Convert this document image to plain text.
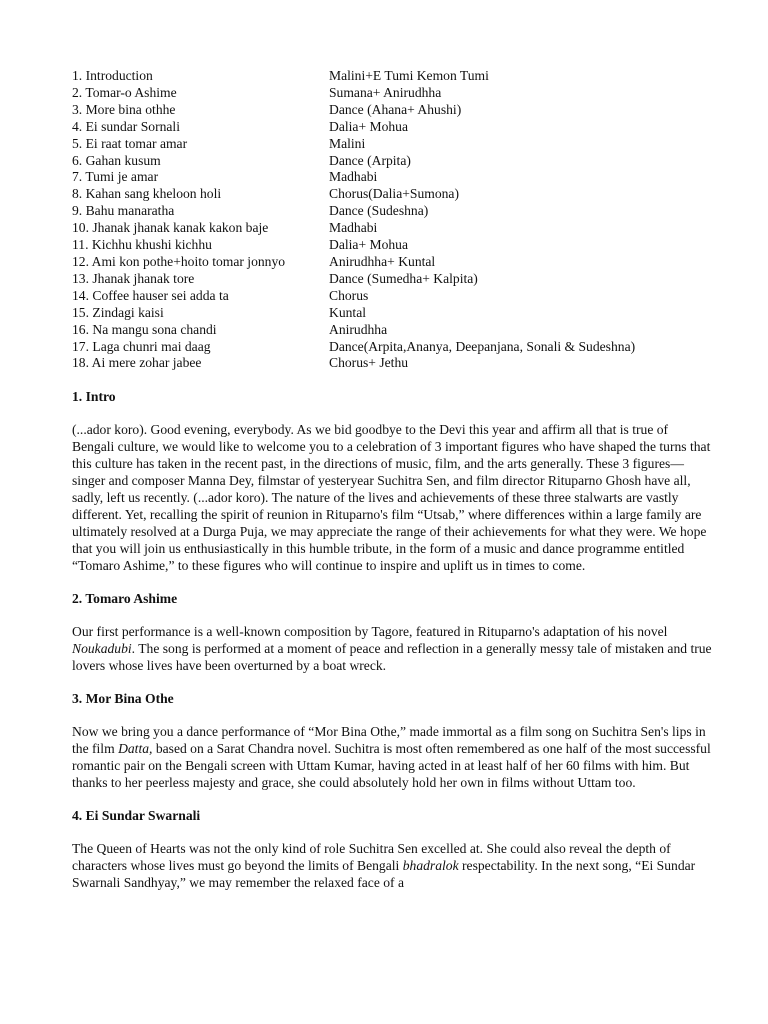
1. Introduction	Malini+E Tumi Kemon Tumi
2. Tomar-o Ashime	Sumana+ Anirudhha
3. More bina othhe	Dance (Ahana+ Ahushi)
4. Ei sundar Sornali	Dalia+ Mohua
5. Ei raat tomar amar	Malini
6. Gahan kusum	Dance (Arpita)
7. Tumi je amar	Madhabi
8. Kahan sang kheloon holi	Chorus(Dalia+Sumona)
9. Bahu manaratha	Dance (Sudeshna)
10. Jhanak jhanak kanak kakon baje	Madhabi
11. Kichhu khushi kichhu	Dalia+ Mohua
12. Ami kon pothe+hoito tomar jonnyo	Anirudhha+ Kuntal
13. Jhanak jhanak tore	Dance (Sumedha+ Kalpita)
14. Coffee hauser sei adda ta	Chorus
15. Zindagi kaisi	Kuntal
16. Na mangu sona chandi	Anirudhha
17. Laga chunri mai daag	Dance(Arpita,Ananya, Deepanjana, Sonali & Sudeshna)
18. Ai mere zohar jabee	Chorus+ Jethu
1. Intro

(...ador koro). Good evening, everybody. As we bid goodbye to the Devi this year and affirm all that is true of Bengali culture, we would like to welcome you to a celebration of 3 important figures who have shaped the turns that this culture has taken in the recent past, in the directions of music, film, and the arts generally. These 3 figures—singer and composer Manna Dey, filmstar of yesteryear Suchitra Sen, and film director Rituparno Ghosh have all, sadly, left us recently. (...ador koro). The nature of the lives and achievements of these three stalwarts are vastly different. Yet, recalling the spirit of reunion in Rituparno's film “Utsab,” where differences within a large family are ultimately resolved at a Durga Puja, we may appreciate the range of their achievements for what they were. We hope that you will join us enthusiastically in this humble tribute, in the form of a music and dance programme entitled “Tomaro Ashime,” to these figures who will continue to inspire and uplift us in times to come.

2. Tomaro Ashime

Our first performance is a well-known composition by Tagore, featured in Rituparno's adaptation of his novel Noukadubi. The song is performed at a moment of peace and reflection in a generally messy tale of mistaken and true lovers whose lives have been overturned by a boat wreck.

3. Mor Bina Othe

Now we bring you a dance performance of “Mor Bina Othe,” made immortal as a film song on Suchitra Sen's lips in the film Datta, based on a Sarat Chandra novel. Suchitra is most often remembered as one half of the most successful romantic pair on the Bengali screen with Uttam Kumar, having acted in at least half of her 60 films with him. But thanks to her peerless majesty and grace, she could absolutely hold her own in films without Uttam too.

4. Ei Sundar Swarnali

The Queen of Hearts was not the only kind of role Suchitra Sen excelled at. She could also reveal the depth of characters whose lives must go beyond the limits of Bengali bhadralok respectability. In the next song, “Ei Sundar Swarnali Sandhyay,” we may remember the relaxed face of a
